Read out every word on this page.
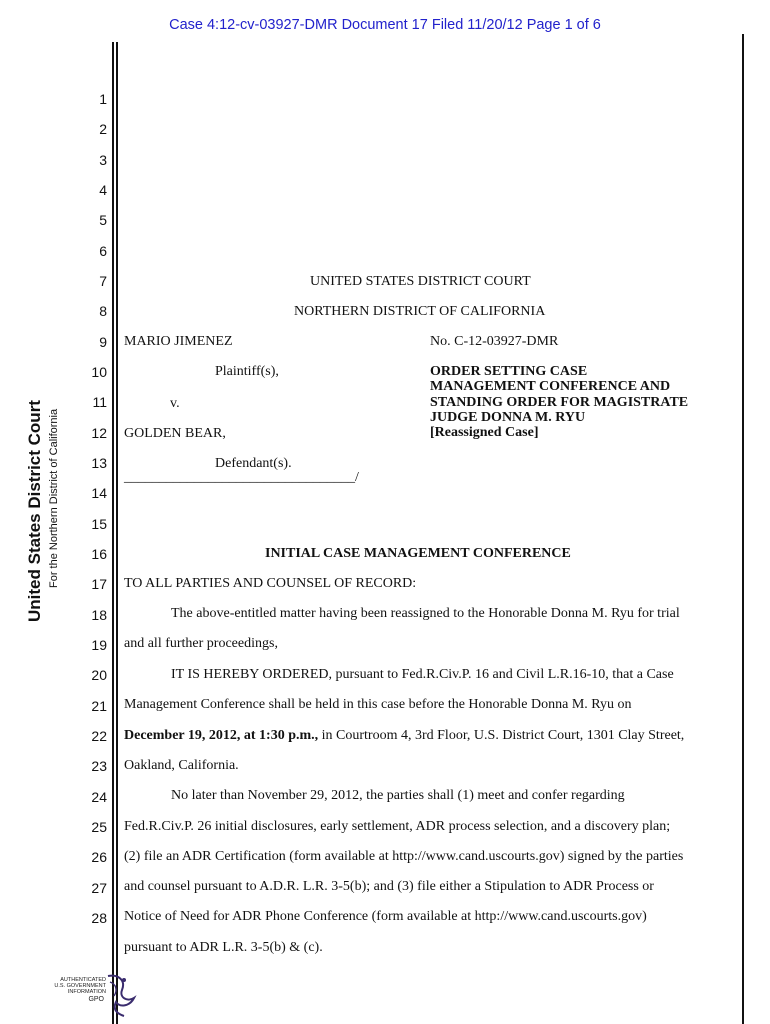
Case 4:12-cv-03927-DMR Document 17 Filed 11/20/12 Page 1 of 6
United States District Court For the Northern District of California
1
2
3
4
5
6
7
8
9
10
11
12
13
14
15
16
17
18
19
20
21
22
23
24
25
26
27
28
UNITED STATES DISTRICT COURT
NORTHERN DISTRICT OF CALIFORNIA
MARIO JIMENEZ
Plaintiff(s),
v.
GOLDEN BEAR,
Defendant(s).
_________________________________/
No. C-12-03927-DMR
ORDER SETTING CASE
MANAGEMENT CONFERENCE AND
STANDING ORDER FOR MAGISTRATE
JUDGE DONNA M. RYU
[Reassigned Case]
INITIAL CASE MANAGEMENT CONFERENCE
TO ALL PARTIES AND COUNSEL OF RECORD:
The above-entitled matter having been reassigned to the Honorable Donna M. Ryu for trial
and all further proceedings,
IT IS HEREBY ORDERED, pursuant to Fed.R.Civ.P. 16 and Civil L.R.16-10, that a Case
Management Conference shall be held in this case before the Honorable Donna M. Ryu on
December 19, 2012, at 1:30 p.m., in Courtroom 4, 3rd Floor, U.S. District Court, 1301 Clay Street,
Oakland, California.
No later than November 29, 2012, the parties shall (1) meet and confer regarding
Fed.R.Civ.P. 26 initial disclosures, early settlement, ADR process selection, and a discovery plan;
(2) file an ADR Certification (form available at http://www.cand.uscourts.gov) signed by the parties
and counsel pursuant to A.D.R. L.R. 3-5(b); and (3) file either a Stipulation to ADR Process or
Notice of Need for ADR Phone Conference (form available at http://www.cand.uscourts.gov)
pursuant to ADR L.R. 3-5(b) & (c).
AUTHENTICATED
U.S. GOVERNMENT
INFORMATION
GPO
